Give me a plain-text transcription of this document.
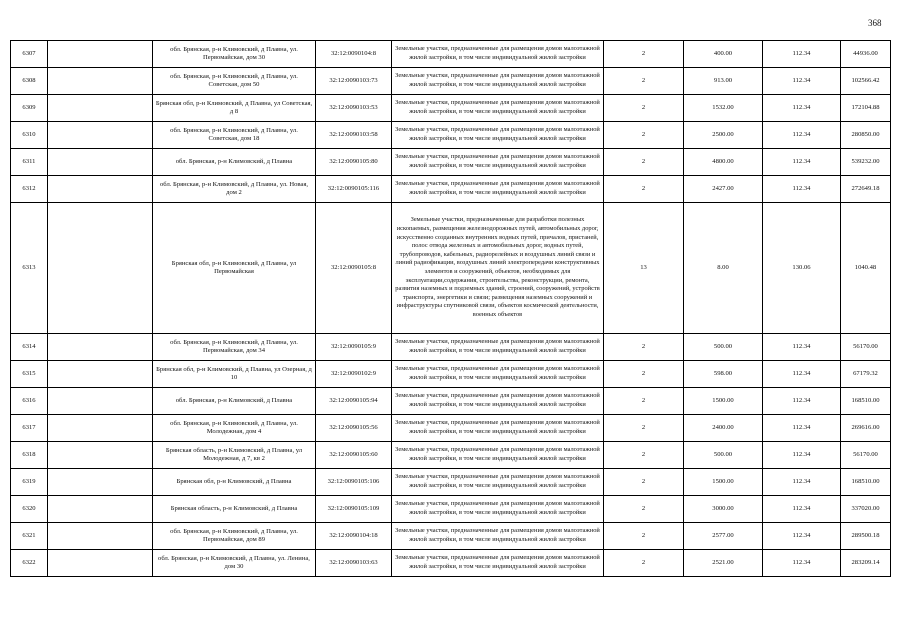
368
6307		обл. Брянская, р-н Климовский, д Плавна, ул. Первомайская, дом 30	32:12:0090104:8	Земельные участки, предназначенные для размещения домов малоэтажной жилой застройки, в том числе индивидуальной жилой застройки	2	400.00	112.34	44936.00
6308		обл. Брянская, р-н Климовский, д Плавна, ул. Советская, дом 50	32:12:0090103:73	Земельные участки, предназначенные для размещения домов малоэтажной жилой застройки, в том числе индивидуальной жилой застройки	2	913.00	112.34	102566.42
6309		Брянская обл, р-н Климовский, д Плавна, ул Советская, д 8	32:12:0090103:53	Земельные участки, предназначенные для размещения домов малоэтажной жилой застройки, в том числе индивидуальной жилой застройки	2	1532.00	112.34	172104.88
6310		обл. Брянская, р-н Климовский, д Плавна, ул. Советская, дом 18	32:12:0090103:58	Земельные участки, предназначенные для размещения домов малоэтажной жилой застройки, в том числе индивидуальной жилой застройки	2	2500.00	112.34	280850.00
6311		обл. Брянская, р-н Климовский, д Плавна	32:12:0090105:80	Земельные участки, предназначенные для размещения домов малоэтажной жилой застройки, в том числе индивидуальной жилой застройки	2	4800.00	112.34	539232.00
6312		обл. Брянская, р-н Климовский, д Плавна, ул. Новая, дом 2	32:12:0090105:116	Земельные участки, предназначенные для размещения домов малоэтажной жилой застройки, в том числе индивидуальной жилой застройки	2	2427.00	112.34	272649.18
6313		Брянская обл, р-н Климовский, д Плавна, ул Первомайская	32:12:0090105:8	Земельные участки, предназначенные для разработки полезных ископаемых, размещения железнодорожных путей, автомобильных дорог, искусственно созданных внутренних водных путей, причалов, пристаней, полос отвода железных и автомобильных дорог, водных путей, трубопроводов, кабельных, радиорелейных и воздушных линий связи и линий радиофикации, воздушных линий электропередачи конструктивных элементов и сооружений, объектов, необходимых для эксплуатации,содержания, строительства, реконструкции, ремонта, развития наземных и подземных зданий, строений, сооружений, устройств транспорта, энергетики и связи; размещения наземных сооружений и инфраструктуры спутниковой связи, объектов космической деятельности, военных объектов	13	8.00	130.06	1040.48
6314		обл. Брянская, р-н Климовский, д Плавна, ул. Первомайская, дом 34	32:12:0090105:9	Земельные участки, предназначенные для размещения домов малоэтажной жилой застройки, в том числе индивидуальной жилой застройки	2	500.00	112.34	56170.00
6315		Брянская обл, р-н Климовский, д Плавна, ул Озерная, д 10	32:12:0090102:9	Земельные участки, предназначенные для размещения домов малоэтажной жилой застройки, в том числе индивидуальной жилой застройки	2	598.00	112.34	67179.32
6316		обл. Брянская, р-н Климовский, д Плавна	32:12:0090105:94	Земельные участки, предназначенные для размещения домов малоэтажной жилой застройки, в том числе индивидуальной жилой застройки	2	1500.00	112.34	168510.00
6317		обл. Брянская, р-н Климовский, д Плавна, ул. Молодежная, дом 4	32:12:0090105:56	Земельные участки, предназначенные для размещения домов малоэтажной жилой застройки, в том числе индивидуальной жилой застройки	2	2400.00	112.34	269616.00
6318		Брянская область, р-н Климовский, д Плавна, ул Молодежная, д 7, кв 2	32:12:0090105:60	Земельные участки, предназначенные для размещения домов малоэтажной жилой застройки, в том числе индивидуальной жилой застройки	2	500.00	112.34	56170.00
6319		Брянская обл, р-н Климовский, д Плавна	32:12:0090105:106	Земельные участки, предназначенные для размещения домов малоэтажной жилой застройки, в том числе индивидуальной жилой застройки	2	1500.00	112.34	168510.00
6320		Брянская область, р-н Климовский, д Плавна	32:12:0090105:109	Земельные участки, предназначенные для размещения домов малоэтажной жилой застройки, в том числе индивидуальной жилой застройки	2	3000.00	112.34	337020.00
6321		обл. Брянская, р-н Климовский, д Плавна, ул. Первомайская, дом 89	32:12:0090104:18	Земельные участки, предназначенные для размещения домов малоэтажной жилой застройки, в том числе индивидуальной жилой застройки	2	2577.00	112.34	289500.18
6322		обл. Брянская, р-н Климовский, д Плавна, ул. Ленина, дом 30	32:12:0090103:63	Земельные участки, предназначенные для размещения домов малоэтажной жилой застройки, в том числе индивидуальной жилой застройки	2	2521.00	112.34	283209.14
